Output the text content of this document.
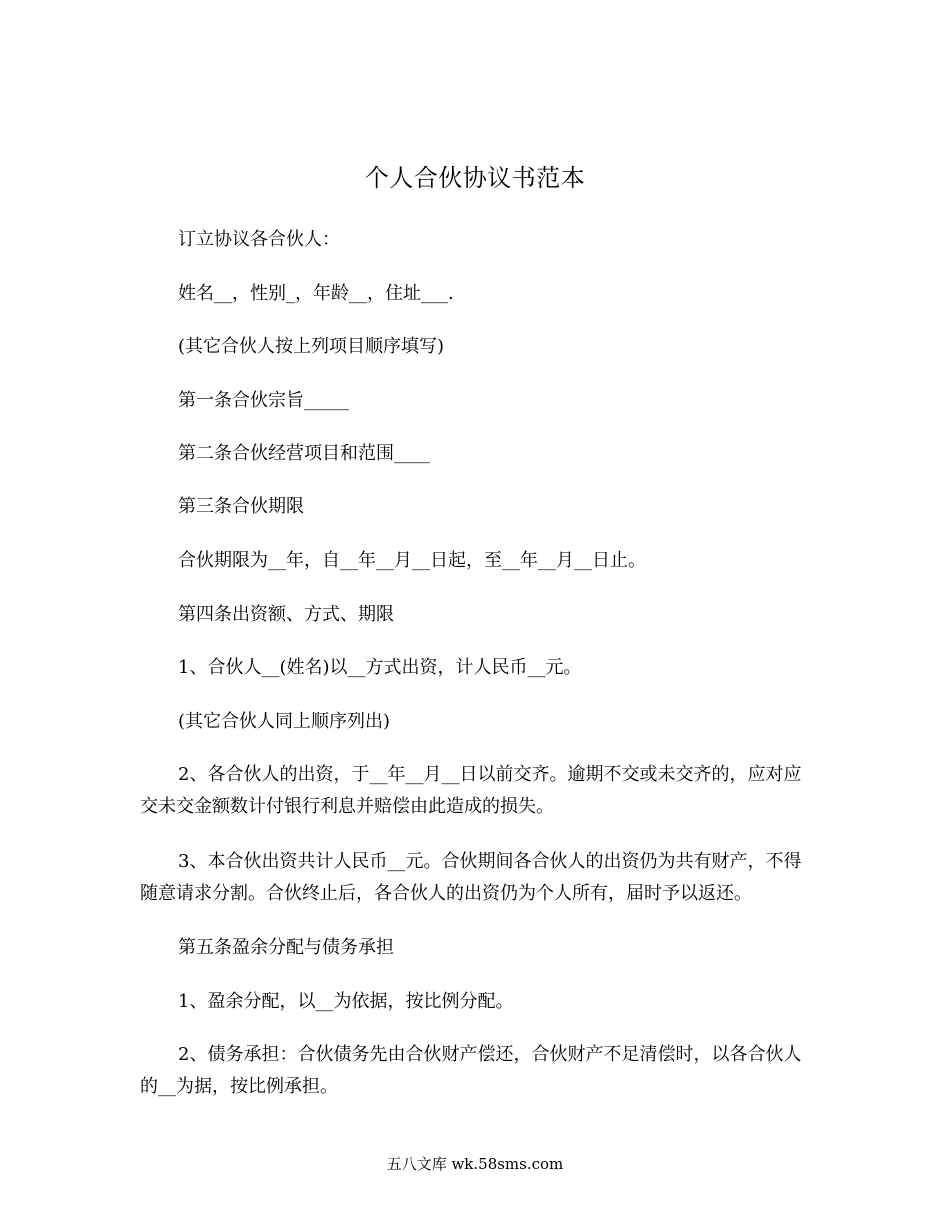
个人合伙协议书范本
订立协议各合伙人：
姓名__，性别_，年龄__，住址___.
(其它合伙人按上列项目顺序填写)
第一条合伙宗旨_____
第二条合伙经营项目和范围____
第三条合伙期限
合伙期限为__年，自__年__月__日起，至__年__月__日止。
第四条出资额、方式、期限
1、合伙人__(姓名)以__方式出资，计人民币__元。
(其它合伙人同上顺序列出)
2、各合伙人的出资，于__年__月__日以前交齐。逾期不交或未交齐的，应对应交未交金额数计付银行利息并赔偿由此造成的损失。
3、本合伙出资共计人民币__元。合伙期间各合伙人的出资仍为共有财产，不得随意请求分割。合伙终止后，各合伙人的出资仍为个人所有，届时予以返还。
第五条盈余分配与债务承担
1、盈余分配，以__为依据，按比例分配。
2、债务承担：合伙债务先由合伙财产偿还，合伙财产不足清偿时，以各合伙人的__为据，按比例承担。
五八文库 wk.58sms.com
